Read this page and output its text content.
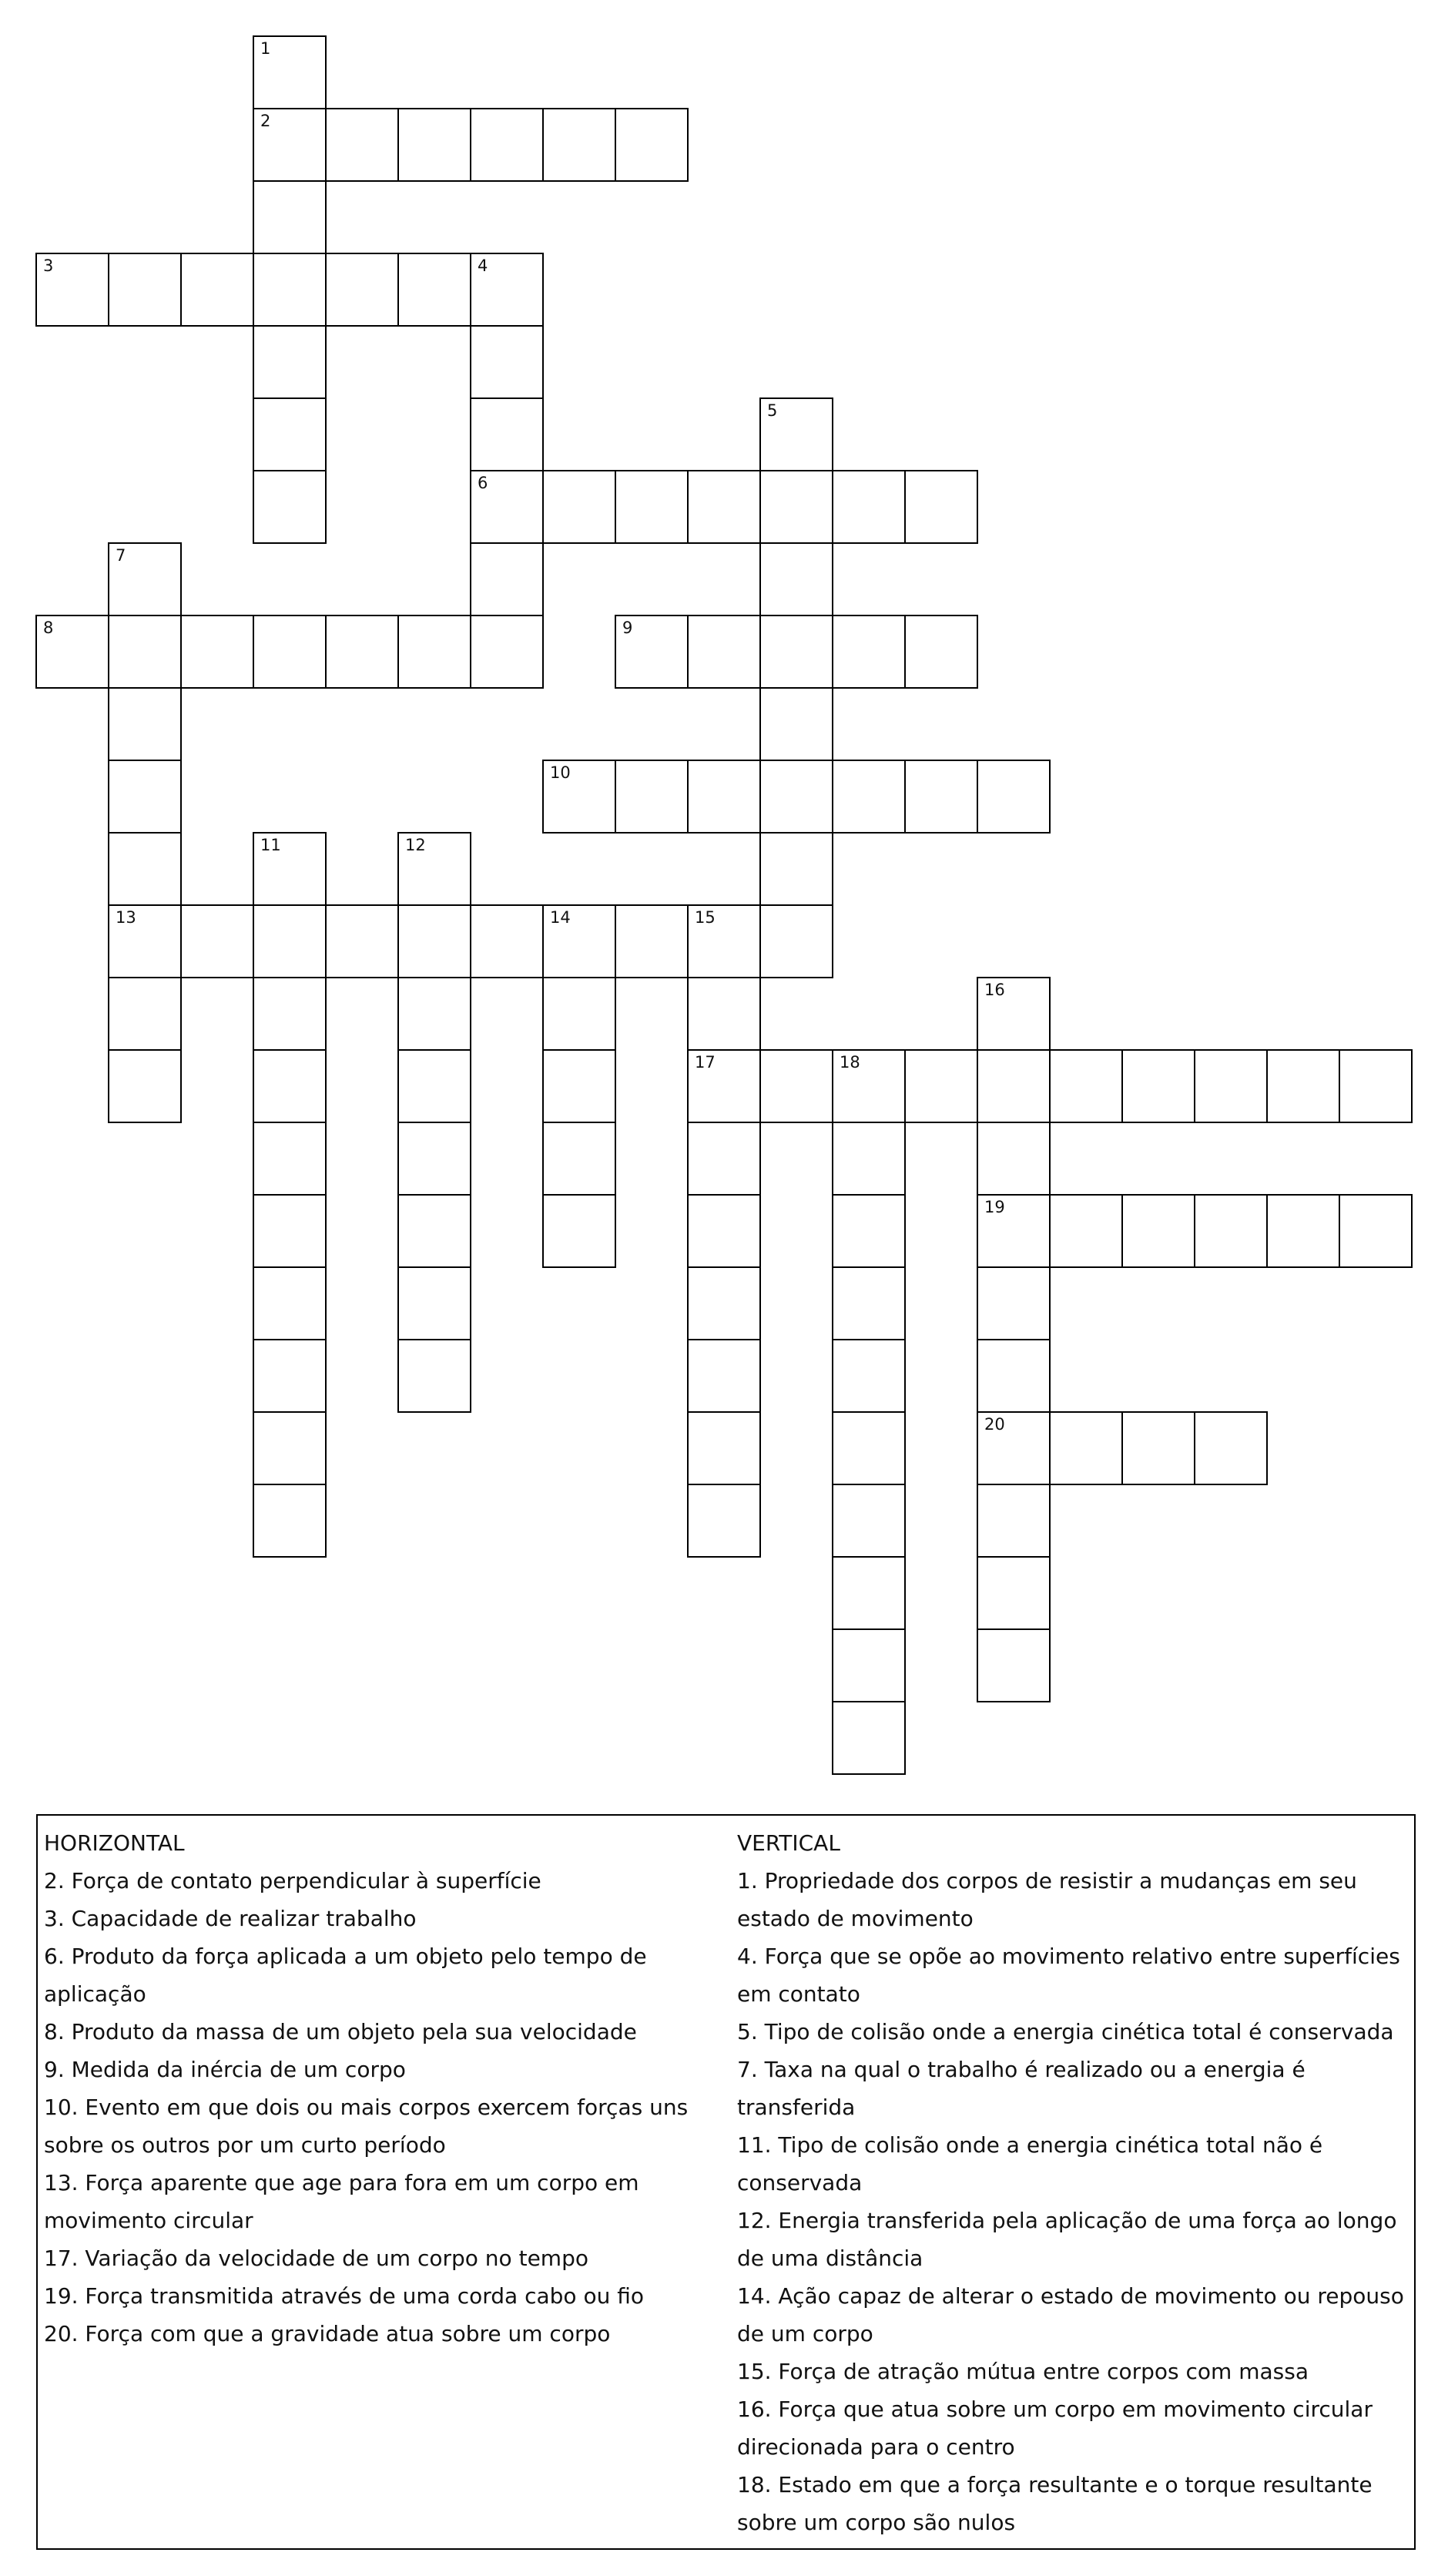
2
3	4
6
8	9
10
13	14	15
17	18
19
20
1
5
7
11	12
16

HORIZONTAL

2. Força de contato perpendicular à superfície

3. Capacidade de realizar trabalho

6. Produto da força aplicada a um objeto pelo tempo de aplicação

8. Produto da massa de um objeto pela sua velocidade

9. Medida da inércia de um corpo

10. Evento em que dois ou mais corpos exercem forças uns sobre os outros por um curto período

13. Força aparente que age para fora em um corpo em movimento circular

17. Variação da velocidade de um corpo no tempo

19. Força transmitida através de uma corda cabo ou fio

20. Força com que a gravidade atua sobre um corpo

VERTICAL

1. Propriedade dos corpos de resistir a mudanças em seu estado de movimento

4. Força que se opõe ao movimento relativo entre superfícies em contato

5. Tipo de colisão onde a energia cinética total é conservada

7. Taxa na qual o trabalho é realizado ou a energia é transferida

11. Tipo de colisão onde a energia cinética total não é conservada

12. Energia transferida pela aplicação de uma força ao longo de uma distância

14. Ação capaz de alterar o estado de movimento ou repouso de um corpo

15. Força de atração mútua entre corpos com massa

16. Força que atua sobre um corpo em movimento circular direcionada para o centro

18. Estado em que a força resultante e o torque resultante sobre um corpo são nulos
